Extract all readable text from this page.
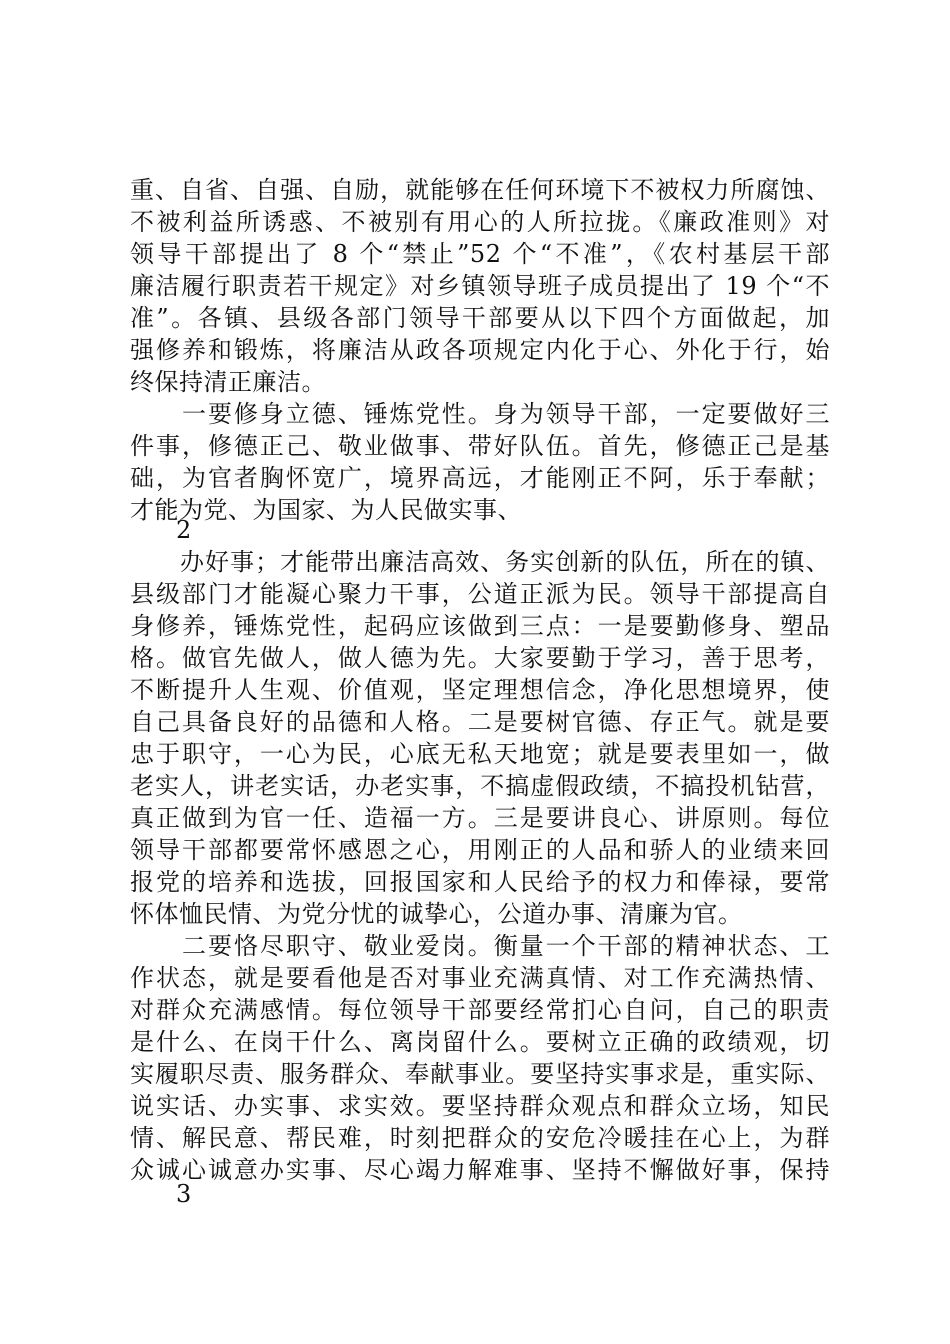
重、自省、自强、自励，就能够在任何环境下不被权力所腐蚀、
不被利益所诱惑、不被别有用心的人所拉拢。《廉政准则》对
领导干部提出了 8 个“禁止”52 个“不准”，《农村基层干部
廉洁履行职责若干规定》对乡镇领导班子成员提出了 19 个“不
准”。各镇、县级各部门领导干部要从以下四个方面做起，加
强修养和锻炼，将廉洁从政各项规定内化于心、外化于行，始
终保持清正廉洁。
　　一要修身立德、锤炼党性。身为领导干部，一定要做好三
件事，修德正己、敬业做事、带好队伍。首先，修德正己是基
础，为官者胸怀宽广，境界高远，才能刚正不阿，乐于奉献；
才能为党、为国家、为人民做实事、
2
　　办好事；才能带出廉洁高效、务实创新的队伍，所在的镇、
县级部门才能凝心聚力干事，公道正派为民。领导干部提高自
身修养，锤炼党性，起码应该做到三点：一是要勤修身、塑品
格。做官先做人，做人德为先。大家要勤于学习，善于思考，
不断提升人生观、价值观，坚定理想信念，净化思想境界，使
自己具备良好的品德和人格。二是要树官德、存正气。就是要
忠于职守，一心为民，心底无私天地宽；就是要表里如一，做
老实人，讲老实话，办老实事，不搞虚假政绩，不搞投机钻营，
真正做到为官一任、造福一方。三是要讲良心、讲原则。每位
领导干部都要常怀感恩之心，用刚正的人品和骄人的业绩来回
报党的培养和选拔，回报国家和人民给予的权力和俸禄，要常
怀体恤民情、为党分忧的诚挚心，公道办事、清廉为官。
　　二要恪尽职守、敬业爱岗。衡量一个干部的精神状态、工
作状态，就是要看他是否对事业充满真情、对工作充满热情、
对群众充满感情。每位领导干部要经常扪心自问，自己的职责
是什么、在岗干什么、离岗留什么。要树立正确的政绩观，切
实履职尽责、服务群众、奉献事业。要坚持实事求是，重实际、
说实话、办实事、求实效。要坚持群众观点和群众立场，知民
情、解民意、帮民难，时刻把群众的安危冷暖挂在心上，为群
众诚心诚意办实事、尽心竭力解难事、坚持不懈做好事，保持
3
